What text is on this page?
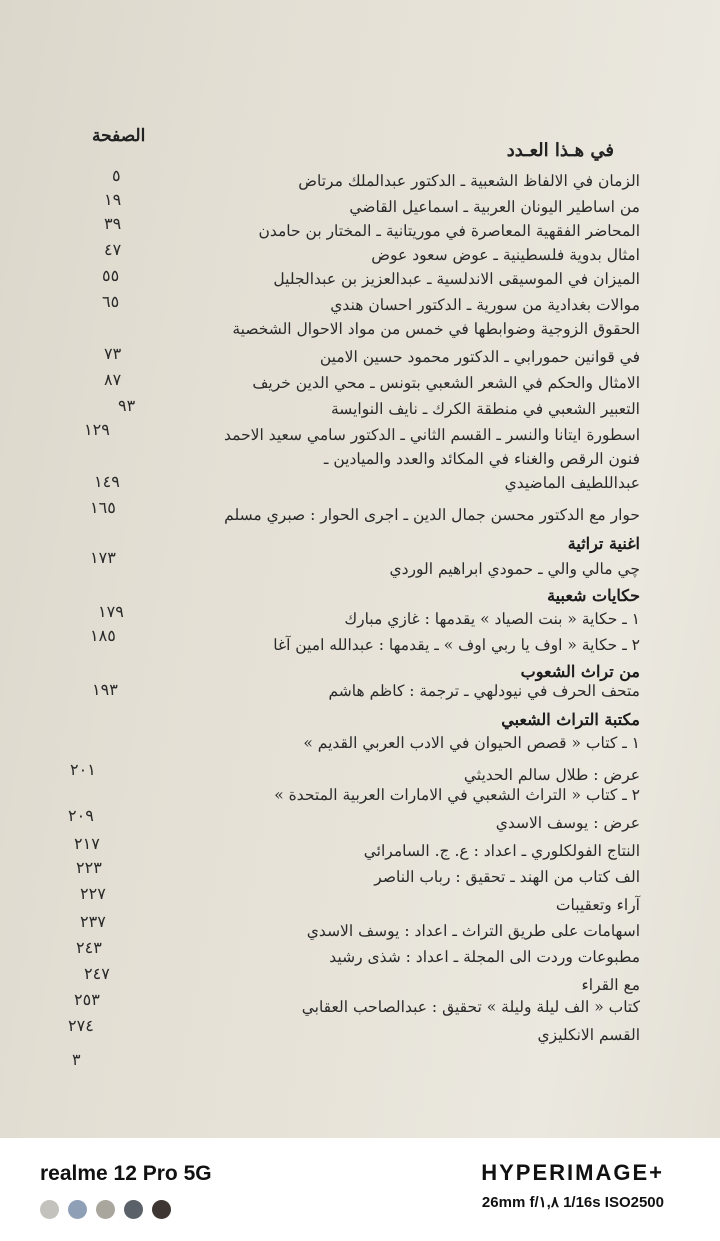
الصفحة
في هـذا العـدد
الزمان في الالفاظ الشعبية ـ الدكتور عبدالملك مرتاض
٥
من اساطير اليونان العربية ـ اسماعيل القاضي
١٩
المحاضر الفقهية المعاصرة في موريتانية ـ المختار بن حامدن
٣٩
امثال بدوية فلسطينية ـ عوض سعود عوض
٤٧
الميزان في الموسيقى الاندلسية ـ عبدالعزيز بن عبدالجليل
٥٥
موالات بغدادية من سورية ـ الدكتور احسان هندي
٦٥
الحقوق الزوجية وضوابطها في خمس من مواد الاحوال الشخصية
في قوانين حمورابي ـ الدكتور محمود حسين الامين
٧٣
الامثال والحكم في الشعر الشعبي بتونس ـ محي الدين خريف
٨٧
التعبير الشعبي في منطقة الكرك ـ نايف النوايسة
٩٣
اسطورة ايتانا والنسر ـ القسم الثاني ـ الدكتور سامي سعيد الاحمد
١٢٩
فنون الرقص والغناء في المكائد والعدد والميادين ـ
عبداللطيف الماضيدي
١٤٩
حوار مع الدكتور محسن جمال الدين ـ اجرى الحوار : صبري مسلم
١٦٥
اغنية تراثية
چي مالي والي ـ حمودي ابراهيم الوردي
١٧٣
حكايات شعبية
١ ـ حكاية « بنت الصياد » يقدمها : غازي مبارك
١٧٩
٢ ـ حكاية « اوف يا ربي اوف » ـ يقدمها : عبدالله امين آغا
١٨٥
من تراث الشعوب
متحف الحرف في نيودلهي ـ ترجمة : كاظم هاشم
١٩٣
مكتبة التراث الشعبي
١ ـ كتاب « قصص الحيوان في الادب العربي القديم »
عرض : طلال سالم الحديثي
٢٠١
٢ ـ كتاب « التراث الشعبي في الامارات العربية المتحدة »
عرض : يوسف الاسدي
٢٠٩
النتاج الفولكلوري ـ اعداد : ع. ج. السامرائي
٢١٧
الف كتاب من الهند ـ تحقيق : رباب الناصر
٢٢٣
آراء وتعقيبات
٢٢٧
اسهامات على طريق التراث ـ اعداد : يوسف الاسدي
٢٣٧
مطبوعات وردت الى المجلة ـ اعداد : شذى رشيد
٢٤٣
مع القراء
٢٤٧
كتاب « الف ليلة وليلة » تحقيق : عبدالصاحب العقابي
٢٥٣
القسم الانكليزي
٢٧٤
٣
realme 12 Pro 5G	HYPERIMAGE+
26mm f/١,٨ 1/16s ISO2500
